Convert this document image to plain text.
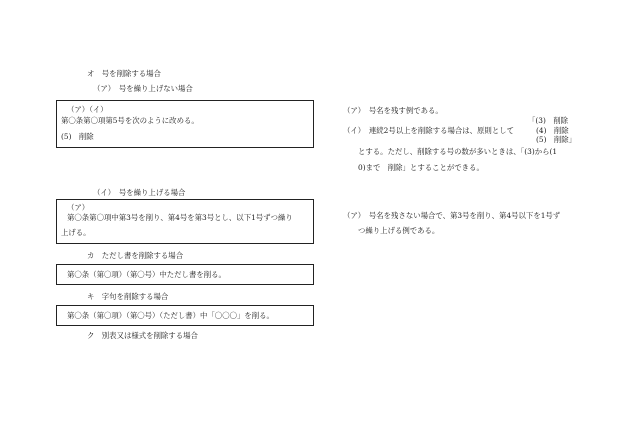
オ　号を削除する場合
（ア）　号を繰り上げない場合
（ア）（イ）
第〇条第〇項第5号を次のように改める。
(5)　削除
（イ）　号を繰り上げる場合
（ア）
第〇条第〇項中第3号を削り、第4号を第3号とし、以下1号ずつ繰り
上げる。
カ　ただし書を削除する場合
第〇条（第〇項）（第〇号）中ただし書を削る。
キ　字句を削除する場合
第〇条（第〇項）（第〇号）（ただし書）中「〇〇〇」を削る。
ク　別表又は様式を削除する場合
（ア）　号名を残す例である。
「(3)　削除
（イ）　連続2号以上を削除する場合は、原則として	(4)　削除
(5)　削除」
とする。ただし、削除する号の数が多いときは、「(3)から(1
0)まで　削除」とすることができる。
（ア）　号名を残さない場合で、第3号を削り、第4号以下を1号ず
つ繰り上げる例である。
